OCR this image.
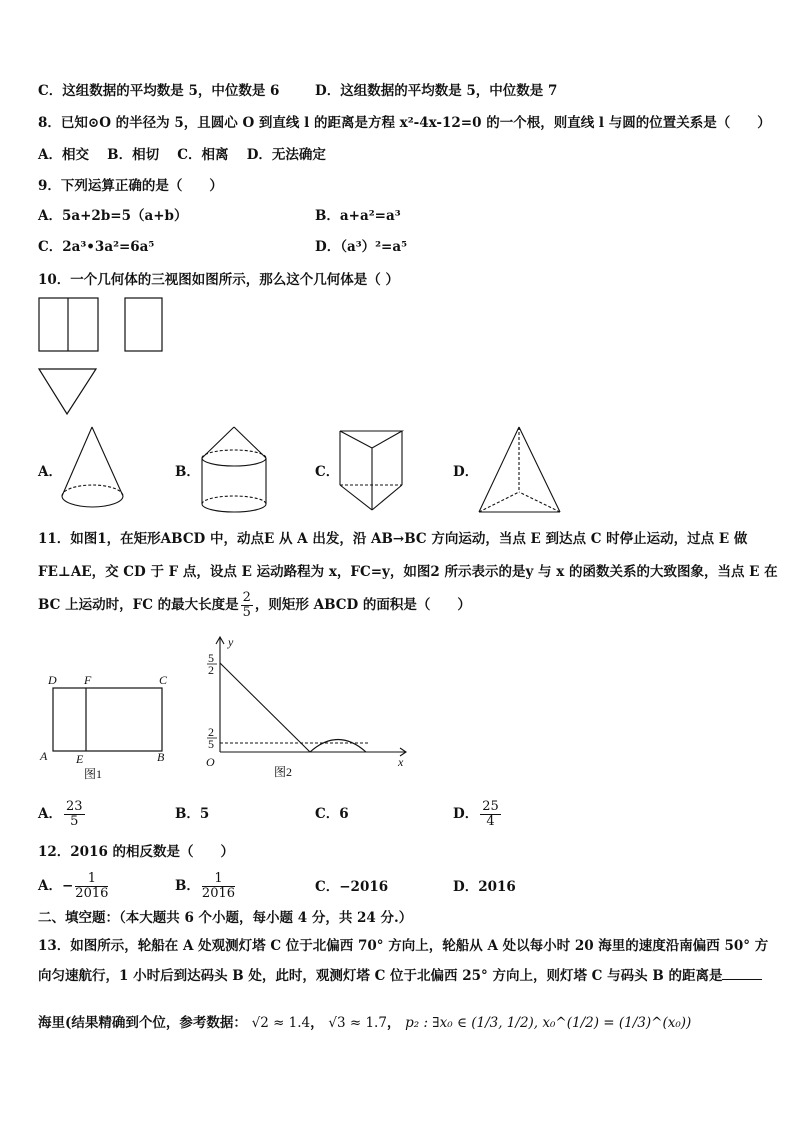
C．这组数据的平均数是 5，中位数是 6	D．这组数据的平均数是 5，中位数是 7
8．已知⊙O 的半径为 5，且圆心 O 到直线 l 的距离是方程 x²-4x-12=0 的一个根，则直线 l 与圆的位置关系是（　　）
A．相交　 B．相切　 C．相离　 D．无法确定
9．下列运算正确的是（　　）
A．5a+2b=5（a+b）	B．a+a²=a³
C．2a³•3a²=6a⁵	D．（a³）²=a⁵
10．一个几何体的三视图如图所示，那么这个几何体是（ ）
A．	B．	C．	D．
11．如图1，在矩形ABCD 中，动点E 从 A 出发，沿 AB→BC 方向运动，当点 E 到达点 C 时停止运动，过点 E 做
FE⊥AE，交 CD 于 F 点，设点 E 运动路程为 x，FC=y，如图2 所示表示的是y 与 x 的函数关系的大致图象，当点 E 在
BC 上运动时，FC 的最大长度是 $\frac{2}{5}$ ，则矩形 ABCD 的面积是（　　）
D F	C
A E	B
图1
y
x
O
5
2
2
5
图2
A． $\frac{23}{5}$	B．5	C．6	D． $\frac{25}{4}$
12．2016 的相反数是（　　）
A．− $\frac{1}{2016}$	B． $\frac{1}{2016}$	C．−2016	D．2016
二、填空题：（本大题共 6 个小题，每小题 4 分，共 24 分.）
13．如图所示，轮船在 A 处观测灯塔 C 位于北偏西 70° 方向上，轮船从 A 处以每小时 20 海里的速度沿南偏西 50° 方
向匀速航行，1 小时后到达码头 B 处，此时，观测灯塔 C 位于北偏西 25° 方向上，则灯塔 C 与码头 B 的距离是
海里(结果精确到个位，参考数据： √2 ≈ 1.4， √3 ≈ 1.7， p₂ : ∃x₀ ∈ (1/3, 1/2), x₀^(1/2) = (1/3)^(x₀))
